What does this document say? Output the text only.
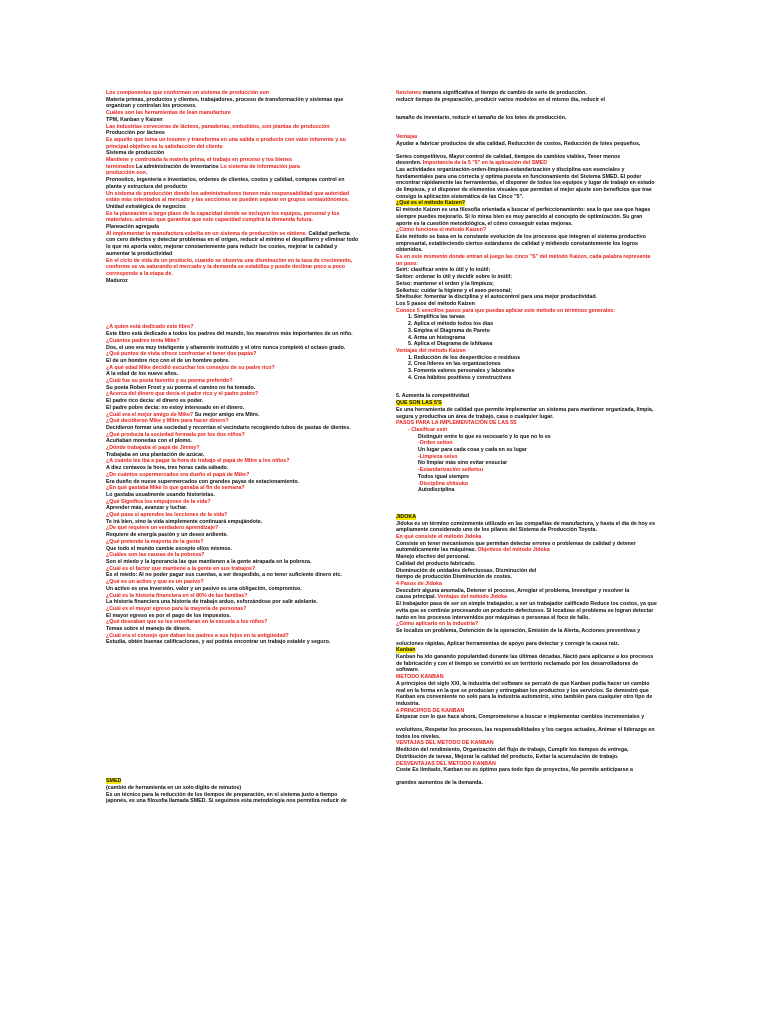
Los componentes que conforman un sistema de producción son
Materia primas, productos y clientes, trabajadores, proceso de transformación y sistemas que organizan y controlan los procesos.
Cuáles son las herramientas de lean manufacture
TPM, Kanban y Kaizen
Las industrias cerveceras de lácteos, panaderías, embutidos, son plantas de producción
Producción por lácteos
Es aquello que toma un insumo y transforma en una salida o producto con valor inherente y su principal objetivo es la satisfacción del cliente
Sistema de producción
Mantiene y controlada la materia prima, el trabajo en proceso y los bienes
terminados La administración de inventarios Lo sistema de información para
producción son.
Pronostico, ingeniería e inventarios, ordenes de clientes, costos y calidad, compras control en planta y estructura del producto
Un sistema de producción donde los administradores tienen más responsabilidad que autoridad están más orientados al mercado y las secciones se pueden separar en grupos semiautónomos.
Unidad estratégica de negocios
Es la planeación a largo plazo de la capacidad donde se incluyen los equipos, personal y los materiales, además que garantiza que este capacidad cumplirá la demanda futura.
Planeación agregada
Al implementar la manufactura esbelta en un sistema de producción se obtiene. Calidad perfecta con cero defectos y detectar problemas en el origen, reducir al mínimo el despilfarro y eliminar todo lo que no aporta valor, mejorar constantemente para reducir los costes, mejorar la calidad y aumentar la productividad
En el ciclo de vida de un producto, cuando se observa una disminución en la tasa de crecimiento, conforme se va saturando el mercado y la demanda se estabiliza y puede declinar poco a poco corresponde a la etapa de.
Maduroz
¿A quien está dedicado este libro?
Este libro está dedicado a todos los padres del mundo, los maestros más importantes de un niño.
¿Cuántos padres tenía Mike?
Dos, el uno era muy inteligente y altamente instruido y el otro nunca completó el octavo grado.
¿Qué puntos de vista ofrece confrontar el tener dos papás?
El de un hombre rico con el de un hombre pobre.
¿A qué edad Mike decidió escuchar los consejos de su padre rico?
A la edad de los nueve años.
¿Cuál fue su poeta favorito y su poema preferido?
Su poeta Roben Frost y su poema el camino no ha tomado.
¿Acerca del dinero que decía el padre rico y el padre pobre?
El padre rico decía: el dinero es poder.
El padre pobre decía: no estoy interesado en el dinero.
¿Cuál era el mejor amigo de Mike? Su mejor amigo era Mitre.
¿Qué decidieron Mike y Mitre para hacer dinero?
Decidieron formar una sociedad y recorrían el vecindario recogiendo tubos de pastas de dientes.
¿Qué producía la sociedad formada por los dos niños?
Acuñaban monedas con el plomo.
¿Dónde trabajaba el papá de Jimmy?
Trabajaba en una plantación de azúcar.
¿A cuánto les iba a pagar la hora de trabajo el papá de Mitre a los niños?
A diez centavos la hora, tres horas cada sábado.
¿De cuántos supermercados era dueño el papá de Mike?
Era dueño de nueve supermercados con grandes payas de estacionamiento.
¿En qué gastaba Mike lo que ganaba al fin de semana?
Lo gastaba usualmente usando historietas.
¿Qué Significa los empujones de la vida?
Aprender más, avanzar y luchar.
¿Qué pasa si aprendes las lecciones de la vida?
Te irá bien, sino la vida simplemente continuará empujándote.
¿De qué requiere un verdadero aprendizaje?
Requiere de energía pasión y un deseo ardiente.
¿Qué pretende la mayoría de la gente?
Que todo el mundo cambie excepto ellos mismos.
¿Cuáles son las causas de la pobreza?
Son el miedo y la ignorancia las que mantienen a la gente atrapada en la pobreza.
¿Cuál es el factor que mantiene a la gente en sus trabajos?
Es el miedo: Al no poder pagar sus cuentas, a ser despedido, a no tener suficiente dinero etc.
¿Qué es un activo y que es un pasivo?
Un activo es una inversión, valor y un pasivo es una obligación, compromiso.
¿Cuál es la historia financiera en el 80% de las familias?
La historia financiera una historia de trabajo arduo, esforzándose por salir adelante.
¿Cuál es el mayor egreso para la mayoría de personas?
El mayor egreso es por el pago de los impuestos.
¿Qué deseaban que se les enseñaran en la escuela a los niños?
Temas sobre el manejo de dinero.
¿Cuál era el consejo que daban los padres a sus hijos en la antigüedad?
Estudia, obtén buenas calificaciones, y así podrás encontrar un trabajo estable y seguro.
SMED
(cambio de herramienta en un solo dígito de minutos)
Es un técnico para la reducción de los tiempos de preparación, en el sistema justo a tiempo japonés, es una filosofía llamada SMED. Si seguimos esta metodología nos permitirá reducir de
funciones manera significativa el tiempo de cambio de serie de producción.
reducir tiempo de preparación, producir varios modelos en el mismo día, reducir el
tamaño de inventario, reducir el tamaño de los lotes de producción.
Ventajas
Ayudar a fabricar productos de alta calidad, Reducción de costos, Reducción de lotes pequeños,
Series competitivos, Mayor control de calidad, tiempos de cambios viables, Tener menos
desorden. Importancia de la 5 "5" en la aplicación del SMED
Las actividades organización-orden-limpieza-estandarización y disciplina son esenciales y fundamentales para una correcta y optima puesta en funcionamiento del Sistema SMED. El poder encontrar rápidamente las herramientas, el disponer de todos los equipos y lugar de trabajo en estado de limpieza, y el disponer de elementos visuales que permitan el mejor ajuste son beneficios que trae consigo la aplicación sistemática de las Cinco "5".
¿Qué es el método Kaizen?
El método Kaizen es una filosofía orientada a buscar el perfeccionamiento: sea lo que sea que hagas siempre puedes mejorarlo. Si lo miras bien es muy parecido al concepto de optimización. Su gran aporte es la cuestión metodológica, el cómo conseguir estas mejoras.
¿Cómo funciona el método Kaizen?
Este método se basa en la constante evolución de los procesos que integran el sistema productivo empresarial, estableciendo ciertos estándares de calidad y midiendo constantemente los logros obtenidos.
Es en este momento donde entran al juego las cinco "S" del método Kaizen, cada palabra representa un paso:
Seiri: clasificar entre lo útil y lo inútil;
Seiton: ordenar lo útil y decidir sobre lo inútil;
Seiso: mantener el orden y la limpieza;
Seiketsu: cuidar la higiene y el aseo personal;
Sheitsuke: fomentar la disciplina y el autocontrol para una mejor productividad.
Los 5 pasos del método Kaizen
Conoce 5 sencillos pasos para que puedas aplicar este método en términos generales:
1. Simplifica las tareas
2. Aplica el método todos los días
3. Emplea el Diagrama de Pareto
4. Arma un histograma
5. Aplica el Diagrama de Ishikawa
Ventajas del método Kaizen
1. Reducción de los desperdicios o residuos
2. Crea líderes en las organizaciones
3. Fomenta valores personales y laborales
4. Crea hábitos positivos y constructivos
5. Aumenta la competitividad
QUE SON LAS 5'S
Es una herramienta de calidad que permite implementar un sistema para mantener organizada, limpia, segura y productiva un área de trabajo, casa o cualquier lugar.
PASOS PARA LA IMPLEMENTACIÓN DE LAS 5S
- Clasificar seiri
Distinguir entre lo que es necesario y lo que no lo es
-Orden seiton
Un lugar para cada cosa y cada en su lugar
-Limpieza seiso
No limpiar más sino evitar ensuciar
-Estandarización seiketsu
Todos igual siempre
-Disciplina shitsuko
Autodisciplina
JIDOKA
Jidoka es un término comúnmente utilizado en las compañías de manufactura, y hasta el día de hoy es ampliamente considerado uno de los pilares del Sistema de Producción Toyota.
En qué consiste el método Jidoka
Consiste en tener mecanismos que permitan detectar errores o problemas de calidad y detener automáticamente las máquinas. Objetivos del método Jidoka
Manejo efectivo del personal.
Calidad del producto fabricado.
Disminución de unidades defectuosas. Disminución del
tiempo de producción Disminución de costes.
4 Pasos de Jidoka
Descubrir alguna anomalía, Detener el proceso, Arreglar el problema, Investigar y resolver la
causa principal. Ventajas del método Jidoka
El trabajador pasa de ser un simple trabajador, a ser un trabajador calificado Reduce los costos, ya que evita que se continúe procesando un producto defectuoso. Si localizas el problema se logran detectar tanto en los procesos intervenidos por máquinas o personas el foco de fallo.
¿Cómo aplicarlo en la industria?
Se localiza un problema, Detención de la operación, Emisión de la Alerta, Acciones preventivas y
soluciones rápidas, Aplicar herramientas de apoyo para detectar y corregir la causa raíz.
Kanban
Kanban ha ido ganando popularidad durante las últimas décadas. Nació para aplicarse a los procesos de fabricación y con el tiempo se convirtió en un territorio reclamado por los desarrolladores de software.
METODO KANBAN
A principios del siglo XXI, la industria del software se percató de que Kanban podía hacer un cambio real en la forma en la que se producían y entregaban los productos y los servicios. Se demostró que Kanban era conveniente no solo para la industria automotriz, sino también para cualquier otro tipo de industria.
4 PRINCIPIOS DE KANBAN
Empezar con lo que hace ahora, Comprometerse a buscar e implementar cambios incrementales y
evolutivos, Respetar los procesos, las responsabilidades y los cargos actuales, Animar el liderazgo en todos los niveles.
VENTAJAS DEL METODO DE KANBAN
Medición del rendimiento, Organización del flujo de trabajo, Cumplir los tiempos de entrega, Distribución de tareas, Mejorar la calidad del producto, Evitar la acumulación de trabajo.
DESVENTAJAS DEL METODO KANBAN
Coste Es limitado, Kanban no es óptimo para todo tipo de proyectos, No permite anticiparse a
grandes aumentos de la demanda.
